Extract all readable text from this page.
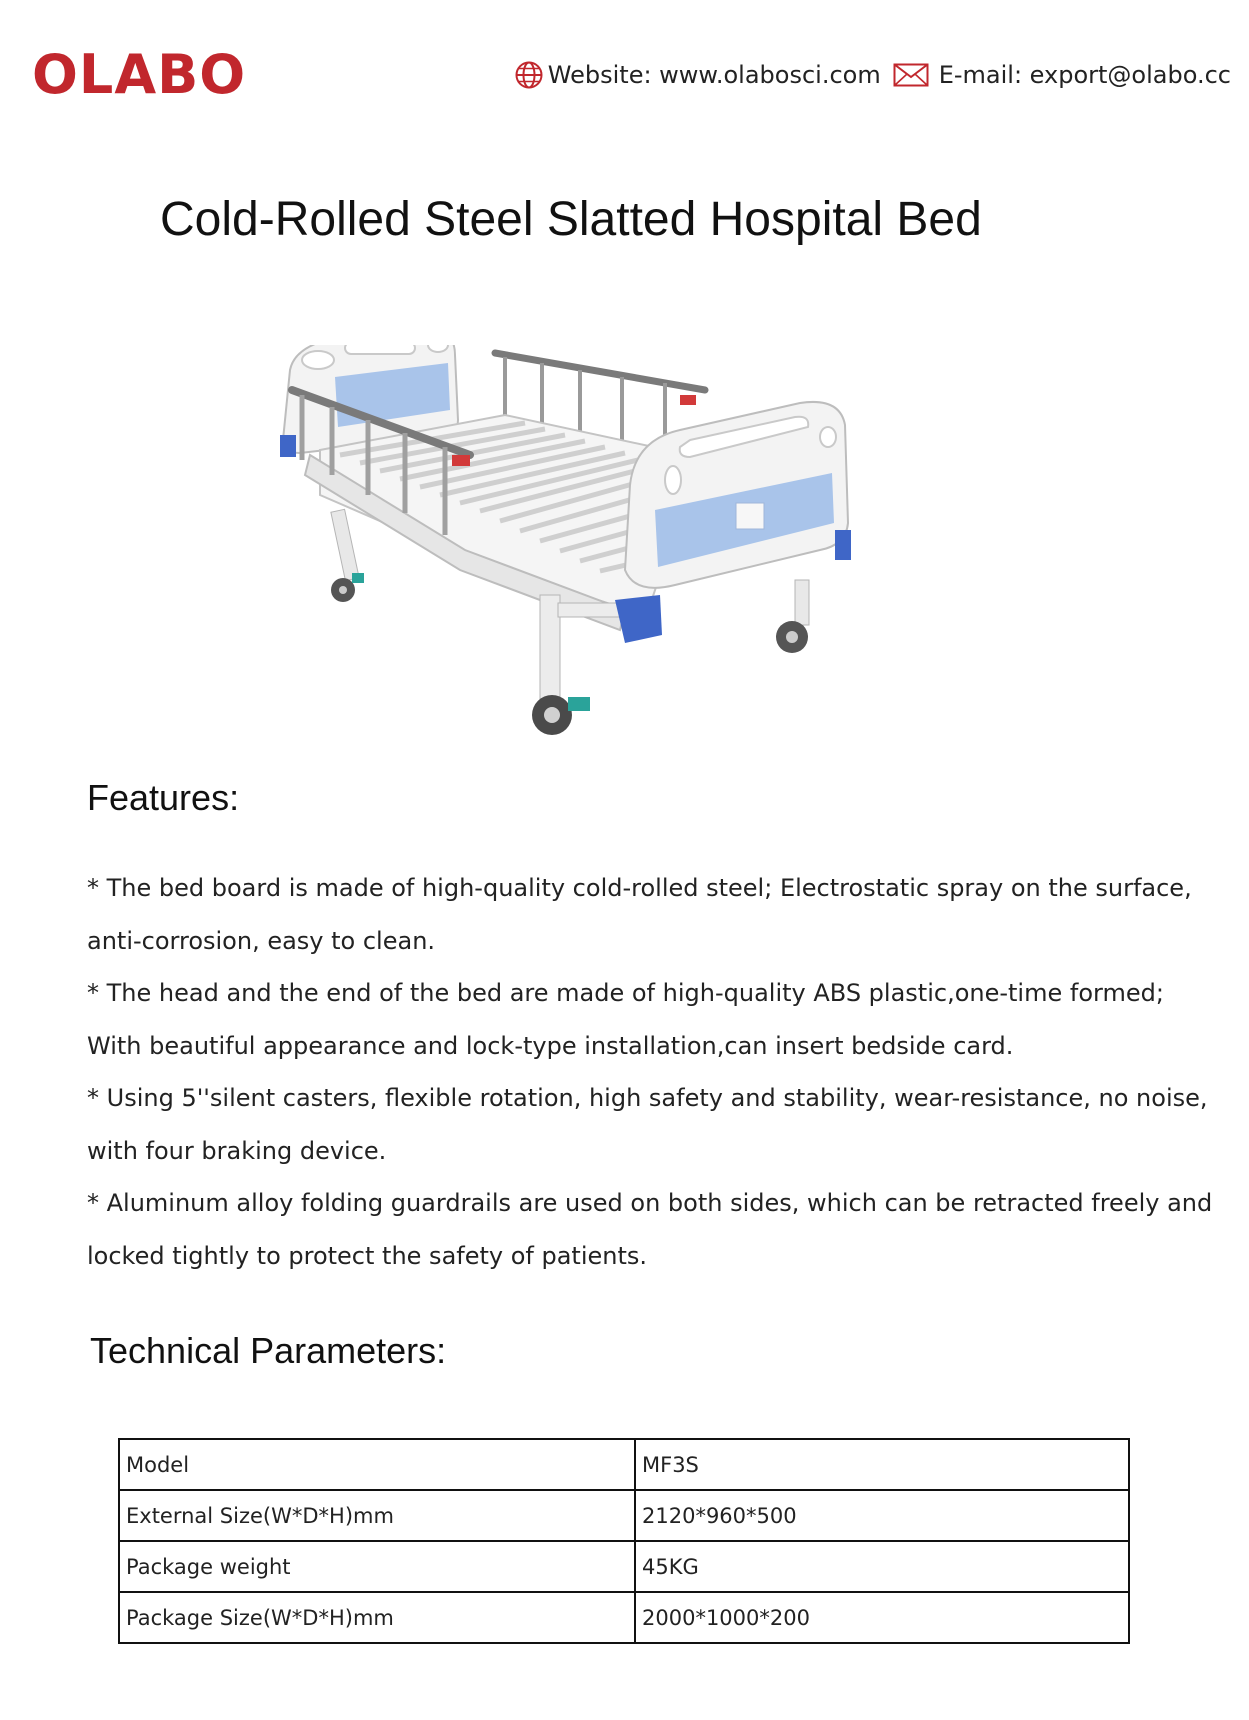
OLABO	Website: www.olabosci.com E-mail: export@olabo.cc
Cold-Rolled Steel Slatted Hospital Bed
Features:
* The bed board is made of high-quality cold-rolled steel; Electrostatic spray on the surface,
anti-corrosion, easy to clean.
* The head and the end of the bed are made of high-quality ABS plastic,one-time formed;
With beautiful appearance and lock-type installation,can insert bedside card.
* Using 5''silent casters, flexible rotation, high safety and stability, wear-resistance, no noise,
with four braking device.
* Aluminum alloy folding guardrails are used on both sides, which can be retracted freely and
locked tightly to protect the safety of patients.
Technical Parameters:
Model	MF3S
External Size(W*D*H)mm	2120*960*500
Package weight	45KG
Package Size(W*D*H)mm	2000*1000*200
